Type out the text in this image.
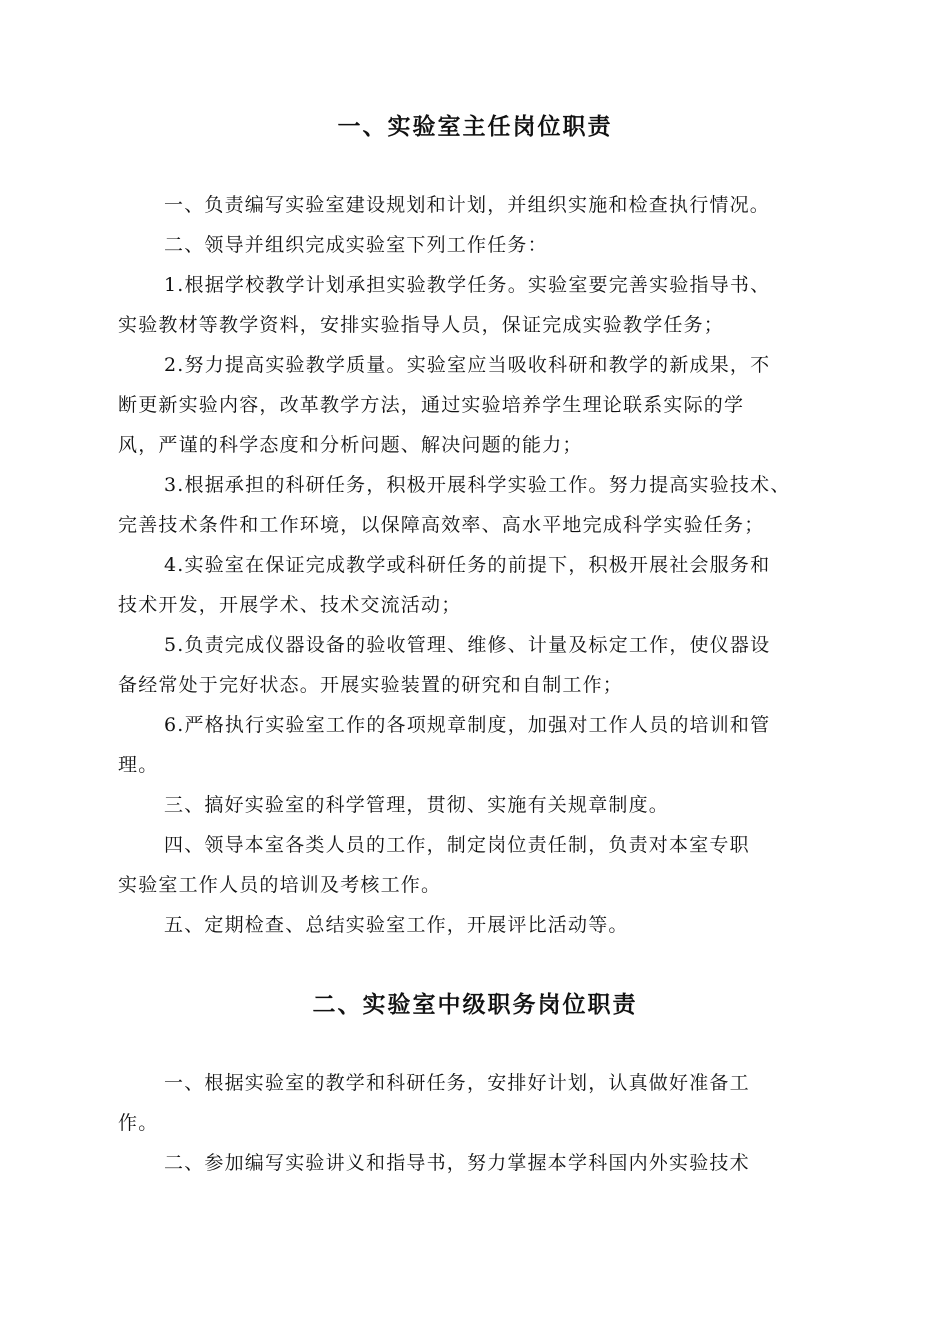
一、实验室主任岗位职责

一、负责编写实验室建设规划和计划，并组织实施和检查执行情况。

二、领导并组织完成实验室下列工作任务：

1.根据学校教学计划承担实验教学任务。实验室要完善实验指导书、

实验教材等教学资料，安排实验指导人员，保证完成实验教学任务；

2.努力提高实验教学质量。实验室应当吸收科研和教学的新成果，不

断更新实验内容，改革教学方法，通过实验培养学生理论联系实际的学

风，严谨的科学态度和分析问题、解决问题的能力；

3.根据承担的科研任务，积极开展科学实验工作。努力提高实验技术、

完善技术条件和工作环境，以保障高效率、高水平地完成科学实验任务；

4.实验室在保证完成教学或科研任务的前提下，积极开展社会服务和

技术开发，开展学术、技术交流活动；

5.负责完成仪器设备的验收管理、维修、计量及标定工作，使仪器设

备经常处于完好状态。开展实验装置的研究和自制工作；

6.严格执行实验室工作的各项规章制度，加强对工作人员的培训和管

理。

三、搞好实验室的科学管理，贯彻、实施有关规章制度。

四、领导本室各类人员的工作，制定岗位责任制，负责对本室专职

实验室工作人员的培训及考核工作。

五、定期检查、总结实验室工作，开展评比活动等。

二、实验室中级职务岗位职责

一、根据实验室的教学和科研任务，安排好计划，认真做好准备工

作。

二、参加编写实验讲义和指导书，努力掌握本学科国内外实验技术
